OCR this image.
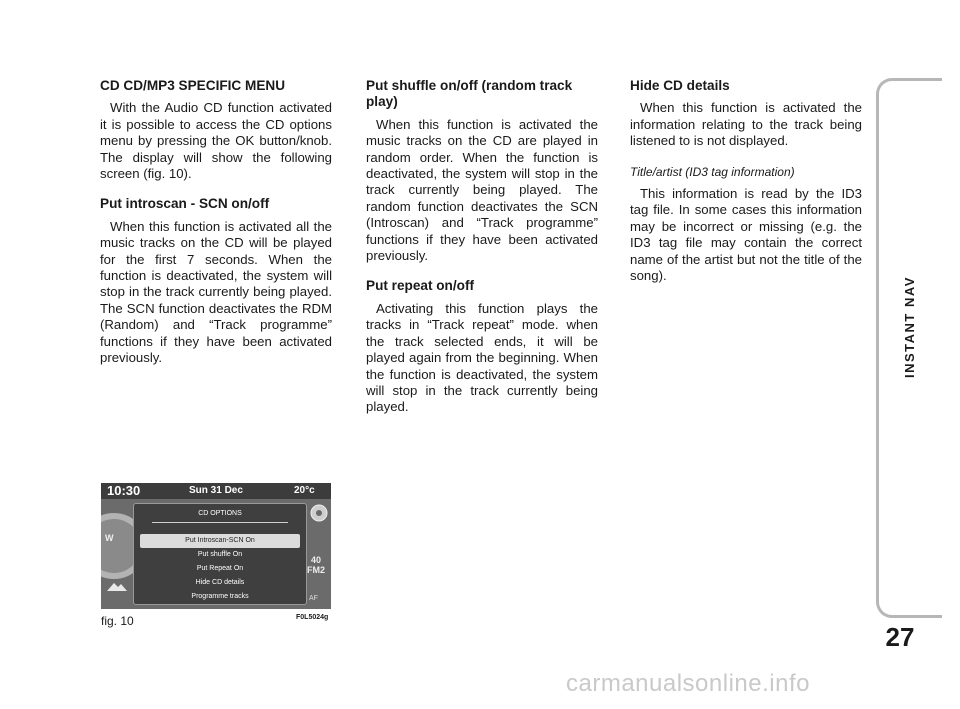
CD CD/MP3 SPECIFIC MENU

With the Audio CD function activated it is possible to access the CD options menu by pressing the OK button/knob. The display will show the following screen (fig. 10).

Put introscan - SCN on/off

When this function is activated all the music tracks on the CD will be played for the first 7 seconds. When the function is deactivated, the system will stop in the track currently being played. The SCN function deactivates the RDM (Random) and “Track programme” functions if they have been activated previously.

Put shuffle on/off (random track play)

When this function is activated the music tracks on the CD are played in random order. When the function is deactivated, the system will stop in the track currently being played. The random function deactivates the SCN (Introscan) and “Track programme” functions if they have been activated previously.

Put repeat on/off

Activating this function plays the tracks in “Track repeat” mode. when the track selected ends, it will be played again from the beginning. When the function is deactivated, the system will stop in the track currently being played.

Hide CD details

When this function is activated the information relating to the track being listened to is not displayed.

Title/artist (ID3 tag information)

This information is read by the ID3 tag file. In some cases this information may be incorrect or missing (e.g. the ID3 tag file may contain the correct name of the artist but not the title of the song).

10:30	Sun 31 Dec	20°c
W
40
FM2
AF
CD OPTIONS
Put Introscan-SCN On
Put shuffle On
Put Repeat On
Hide CD details
Programme tracks
fig. 10	F0L5024g
INSTANT NAV
27
carmanualsonline.info
